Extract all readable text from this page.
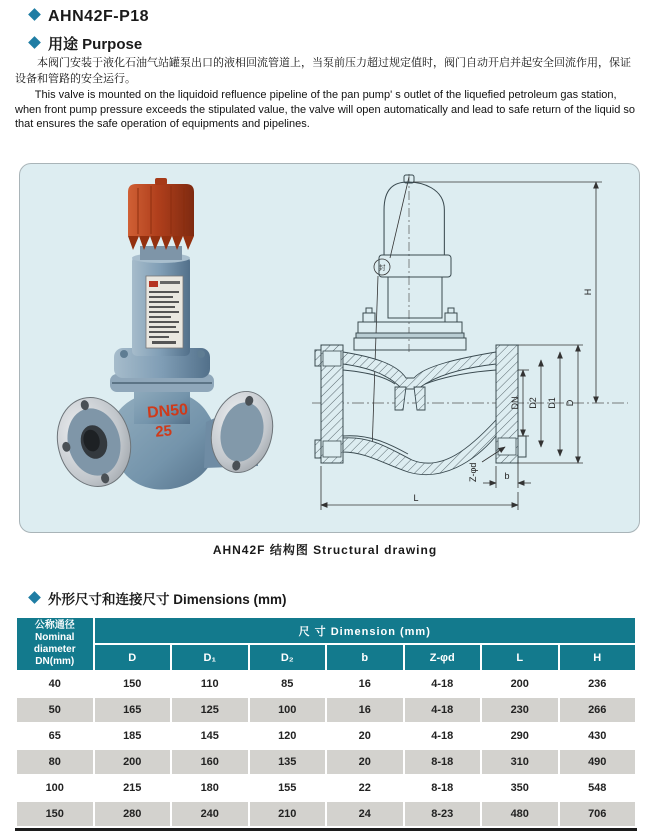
AHN42F-P18
用途 Purpose

本阀门安装于液化石油气站罐泵出口的液相回流管道上，当泵前压力超过规定值时，阀门自动开启并起安全回流作用，保证设备和管路的安全运行。

This valve is mounted on the liquidoid refluence pipeline of the pan pump' s outlet of the liquefied petroleum gas station, when front pump pressure exceeds the stipulated value, the valve will open automatically and lead to safe return of the liquid so that ensures the safe operation of equipments and pipelines.

DN50
25
封
H
DN D2 D1 D
Z-φd	b
L
AHN42F 结构图 Structural drawing
外形尺寸和连接尺寸 Dimensions (mm)
公称通径
Nominal
diameter
DN(mm)	尺 寸 Dimension (mm)						
	D	D₁	D₂	b	Z-φd	L	H
40	150	110	85	16	4-18	200	236
50	165	125	100	16	4-18	230	266
65	185	145	120	20	4-18	290	430
80	200	160	135	20	8-18	310	490
100	215	180	155	22	8-18	350	548
150	280	240	210	24	8-23	480	706
